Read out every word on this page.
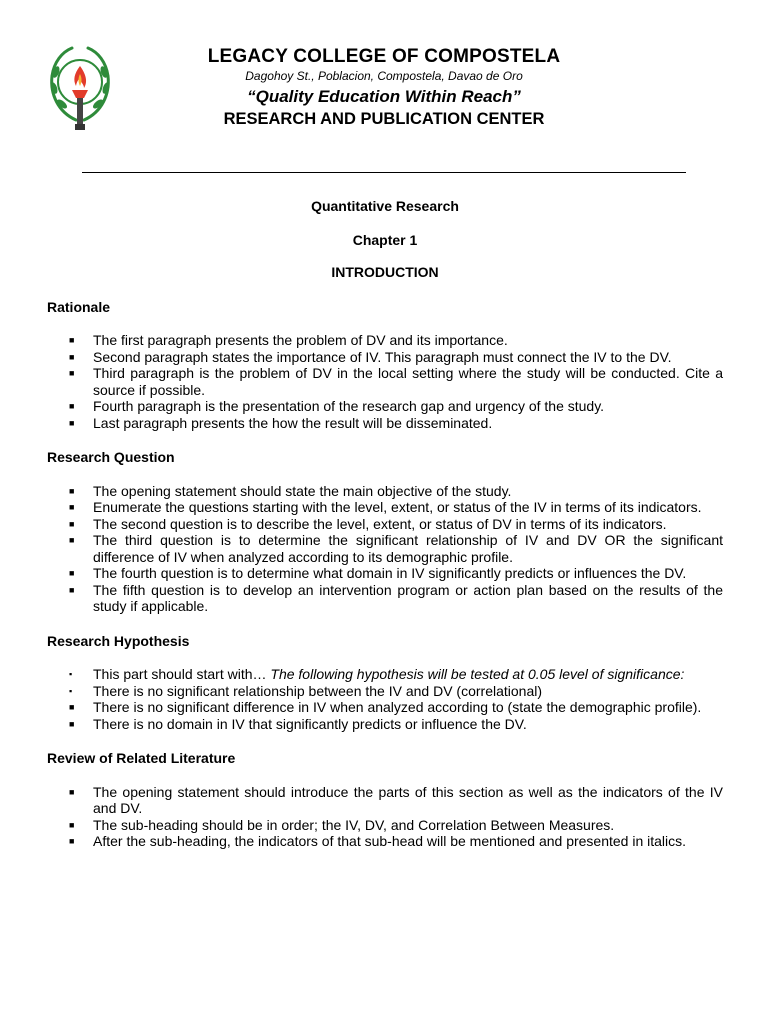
LEGACY COLLEGE OF COMPOSTELA
Dagohoy St., Poblacion, Compostela, Davao de Oro
“Quality Education Within Reach”
RESEARCH AND PUBLICATION CENTER

Quantitative Research

Chapter 1

INTRODUCTION

Rationale
■ The first paragraph presents the problem of DV and its importance.
■ Second paragraph states the importance of IV. This paragraph must connect the IV to the DV.
■ Third paragraph is the problem of DV in the local setting where the study will be conducted. Cite a source if possible.
■ Fourth paragraph is the presentation of the research gap and urgency of the study.
■ Last paragraph presents the how the result will be disseminated.
Research Question
■ The opening statement should state the main objective of the study.
■ Enumerate the questions starting with the level, extent, or status of the IV in terms of its indicators.
■ The second question is to describe the level, extent, or status of DV in terms of its indicators.
■ The third question is to determine the significant relationship of IV and DV OR the significant difference of IV when analyzed according to its demographic profile.
■ The fourth question is to determine what domain in IV significantly predicts or influences the DV.
■ The fifth question is to develop an intervention program or action plan based on the results of the study if applicable.
Research Hypothesis
▪ This part should start with… The following hypothesis will be tested at 0.05 level of significance:
▪ There is no significant relationship between the IV and DV (correlational)
■ There is no significant difference in IV when analyzed according to (state the demographic profile).
■ There is no domain in IV that significantly predicts or influence the DV.
Review of Related Literature
■ The opening statement should introduce the parts of this section as well as the indicators of the IV and DV.
■ The sub-heading should be in order; the IV, DV, and Correlation Between Measures.
■ After the sub-heading, the indicators of that sub-head will be mentioned and presented in italics.
